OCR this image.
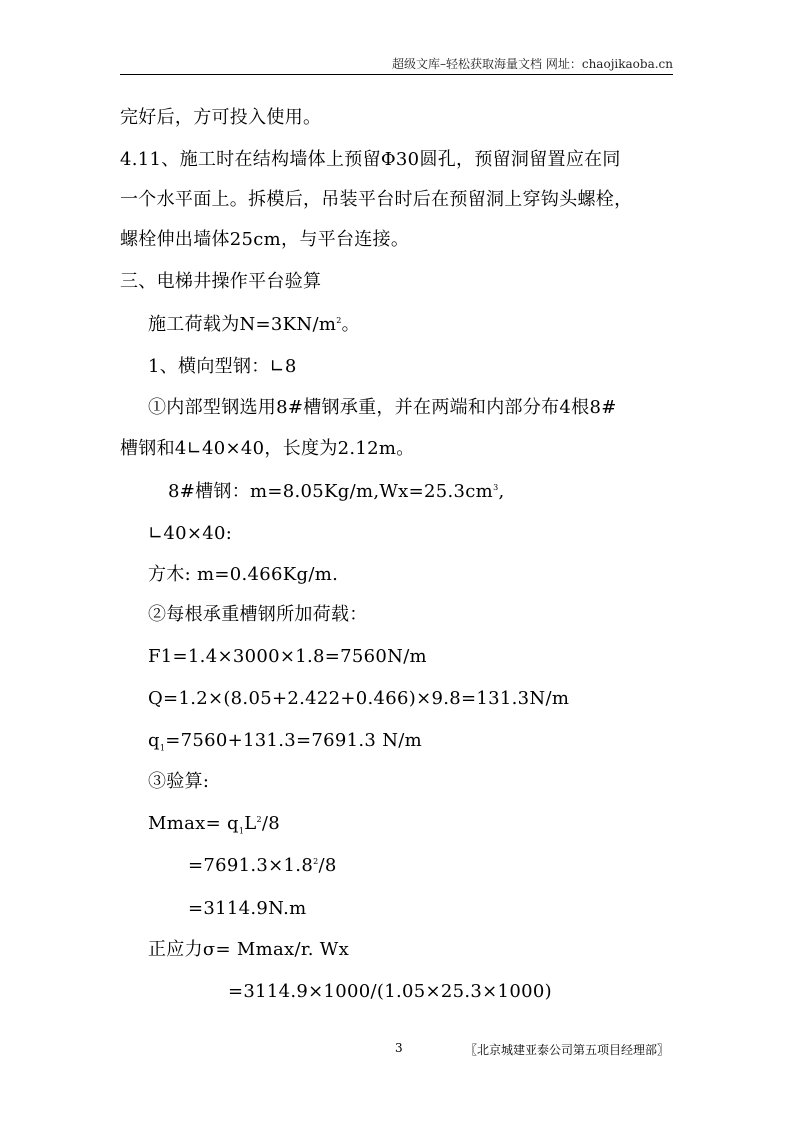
超级文库–轻松获取海量文档 网址：chaojikaoba.cn
完好后，方可投入使用。
4.11、施工时在结构墙体上预留Φ30圆孔，预留洞留置应在同
一个水平面上。拆模后，吊装平台时后在预留洞上穿钩头螺栓，
螺栓伸出墙体25cm，与平台连接。
三、电梯井操作平台验算
施工荷载为$N=3KN/m^2$。
1、横向型钢：∟8
①内部型钢选用8#槽钢承重，并在两端和内部分布4根8#
槽钢和4∟40×40，长度为2.12m。
8#槽钢：$m=8.05Kg/m,Wx=25.3cm^3$,
∟40×40:
方木: m=0.466Kg/m.
②每根承重槽钢所加荷载：
F1=1.4×3000×1.8=7560N/m
Q=1.2×(8.05+2.422+0.466)×9.8=131.3N/m
$q_1=7560+131.3=7691.3$ N/m
③验算:
$Mmax= q_1L^2/8$
$=7691.3\times 1.8^2/8$
=3114.9N.m
正应力σ= Mmax/r. Wx
=3114.9×1000/(1.05×25.3×1000)
3	〖北京城建亚泰公司第五项目经理部〗
